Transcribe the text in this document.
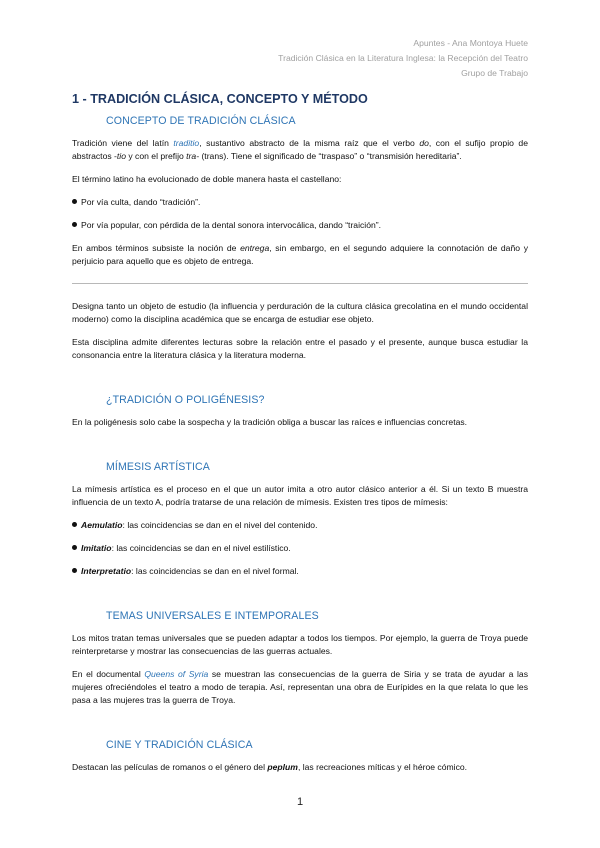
Apuntes - Ana Montoya Huete
Tradición Clásica en la Literatura Inglesa: la Recepción del Teatro
Grupo de Trabajo
1 - TRADICIÓN CLÁSICA, CONCEPTO Y MÉTODO
CONCEPTO DE TRADICIÓN CLÁSICA

Tradición viene del latín traditio, sustantivo abstracto de la misma raíz que el verbo do, con el sufijo propio de abstractos -tio y con el prefijo tra- (trans). Tiene el significado de “traspaso” o “transmisión hereditaria”.

El término latino ha evolucionado de doble manera hasta el castellano:

Por vía culta, dando “tradición”.
Por vía popular, con pérdida de la dental sonora intervocálica, dando “traición”.

En ambos términos subsiste la noción de entrega, sin embargo, en el segundo adquiere la connotación de daño y perjuicio para aquello que es objeto de entrega.

Designa tanto un objeto de estudio (la influencia y perduración de la cultura clásica grecolatina en el mundo occidental moderno) como la disciplina académica que se encarga de estudiar ese objeto.

Esta disciplina admite diferentes lecturas sobre la relación entre el pasado y el presente, aunque busca estudiar la consonancia entre la literatura clásica y la literatura moderna.

¿TRADICIÓN O POLIGÉNESIS?

En la poligénesis solo cabe la sospecha y la tradición obliga a buscar las raíces e influencias concretas.

MÍMESIS ARTÍSTICA

La mímesis artística es el proceso en el que un autor imita a otro autor clásico anterior a él. Si un texto B muestra influencia de un texto A, podría tratarse de una relación de mímesis. Existen tres tipos de mímesis:

Aemulatio: las coincidencias se dan en el nivel del contenido.
Imitatio: las coincidencias se dan en el nivel estilístico.
Interpretatio: las coincidencias se dan en el nivel formal.
TEMAS UNIVERSALES E INTEMPORALES

Los mitos tratan temas universales que se pueden adaptar a todos los tiempos. Por ejemplo, la guerra de Troya puede reinterpretarse y mostrar las consecuencias de las guerras actuales.

En el documental Queens of Syria se muestran las consecuencias de la guerra de Siria y se trata de ayudar a las mujeres ofreciéndoles el teatro a modo de terapia. Así, representan una obra de Eurípides en la que relata lo que les pasa a las mujeres tras la guerra de Troya.

CINE Y TRADICIÓN CLÁSICA

Destacan las películas de romanos o el género del peplum, las recreaciones míticas y el héroe cómico.

1
